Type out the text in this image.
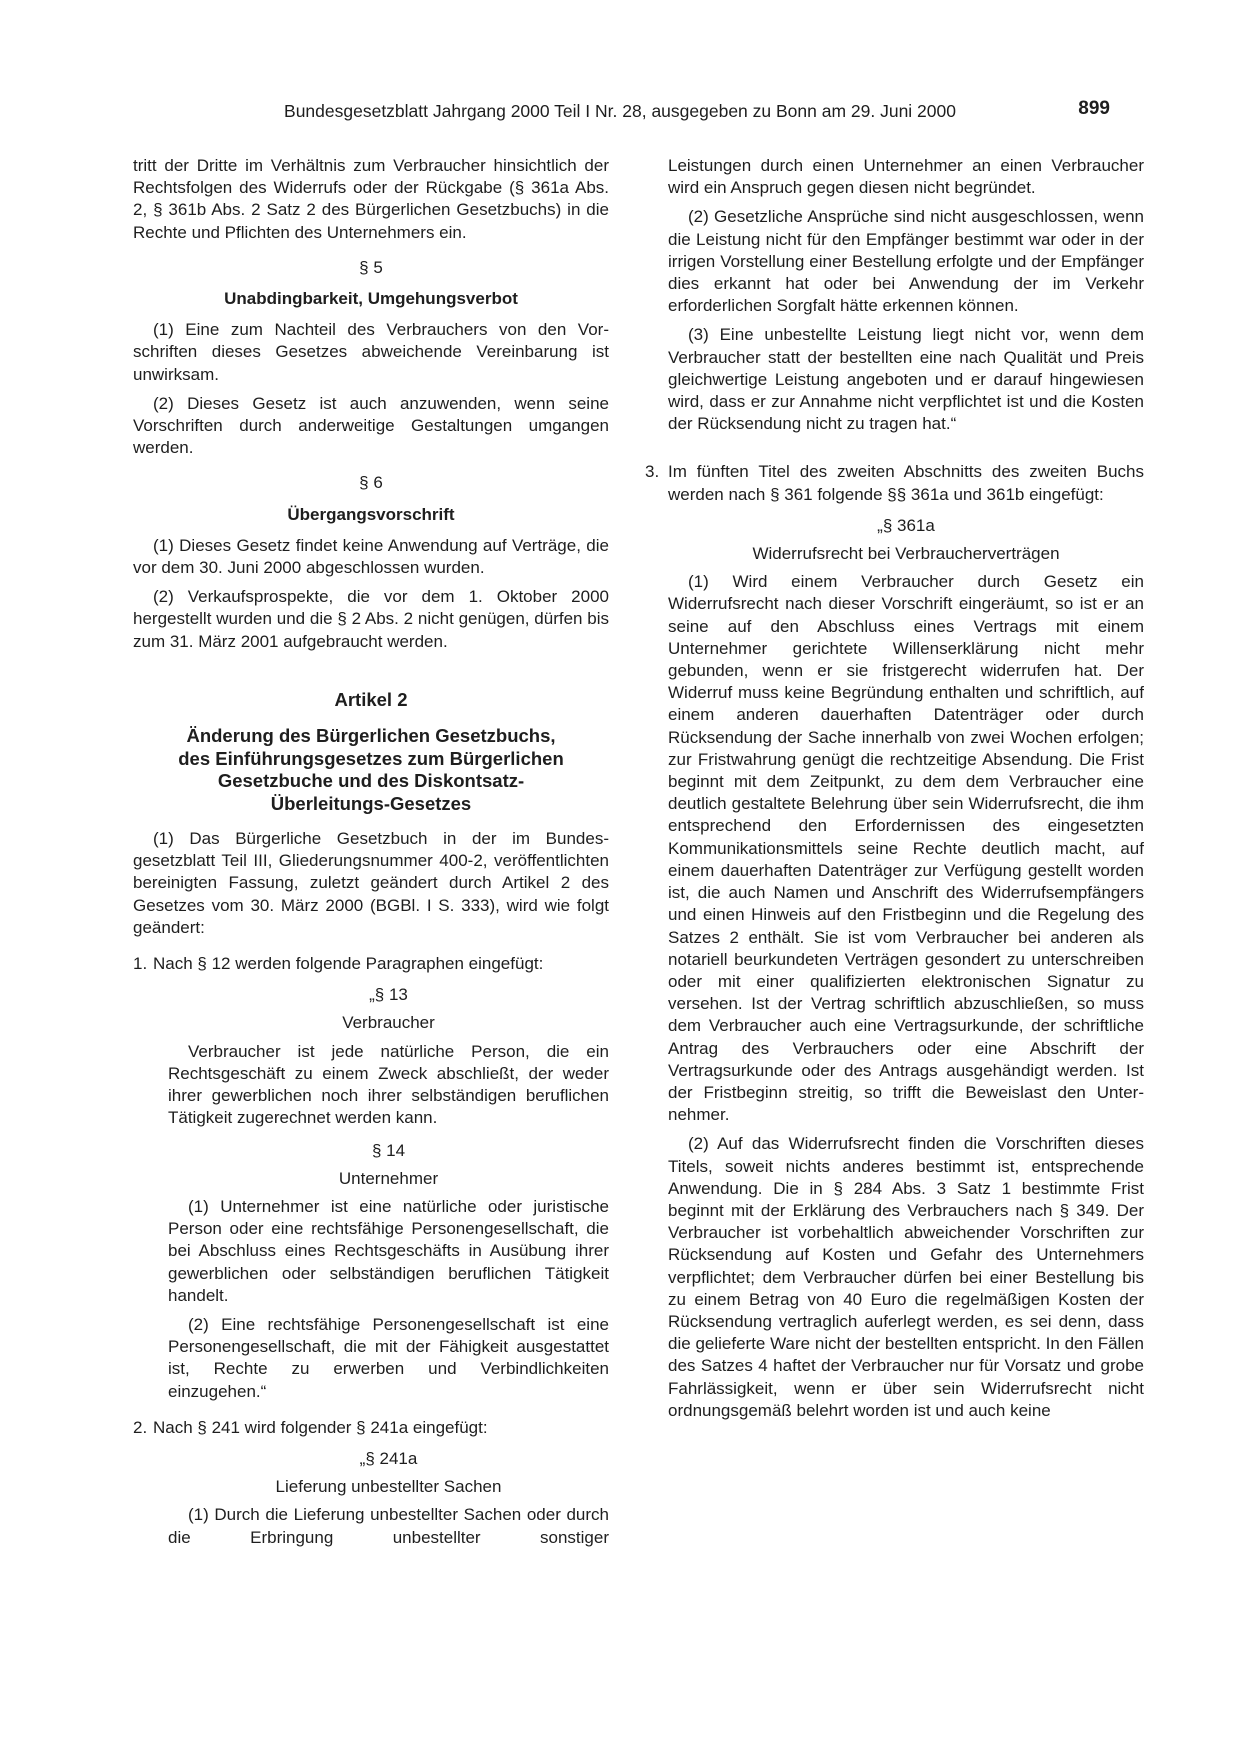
Bundesgesetzblatt Jahrgang 2000 Teil I Nr. 28, ausgegeben zu Bonn am 29. Juni 2000	899

tritt der Dritte im Verhältnis zum Verbraucher hinsichtlich der Rechtsfolgen des Widerrufs oder der Rückgabe (§ 361a Abs. 2, § 361b Abs. 2 Satz 2 des Bürgerlichen Gesetzbuchs) in die Rechte und Pflichten des Unternehmers ein.

§ 5

Unabdingbarkeit, Umgehungsverbot

(1) Eine zum Nachteil des Verbrauchers von den Vorschriften dieses Gesetzes abweichende Vereinbarung ist unwirksam.

(2) Dieses Gesetz ist auch anzuwenden, wenn seine Vorschriften durch anderweitige Gestaltungen umgangen werden.

§ 6

Übergangsvorschrift

(1) Dieses Gesetz findet keine Anwendung auf Verträge, die vor dem 30. Juni 2000 abgeschlossen wurden.

(2) Verkaufsprospekte, die vor dem 1. Oktober 2000 hergestellt wurden und die § 2 Abs. 2 nicht genügen, dürfen bis zum 31. März 2001 aufgebraucht werden.

Artikel 2

Änderung des Bürgerlichen Gesetzbuchs,
des Einführungsgesetzes zum Bürgerlichen
Gesetzbuche und des Diskontsatz-
Überleitungs-Gesetzes

(1) Das Bürgerliche Gesetzbuch in der im Bundesgesetzblatt Teil III, Gliederungsnummer 400-2, veröffentlichten bereinigten Fassung, zuletzt geändert durch Artikel 2 des Gesetzes vom 30. März 2000 (BGBl. I S. 333), wird wie folgt geändert:

1. Nach § 12 werden folgende Paragraphen eingefügt:

„§ 13

Verbraucher

Verbraucher ist jede natürliche Person, die ein Rechtsgeschäft zu einem Zweck abschließt, der weder ihrer gewerblichen noch ihrer selbständigen beruflichen Tätigkeit zugerechnet werden kann.

§ 14

Unternehmer

(1) Unternehmer ist eine natürliche oder juristische Person oder eine rechtsfähige Personengesellschaft, die bei Abschluss eines Rechtsgeschäfts in Ausübung ihrer gewerblichen oder selbständigen beruflichen Tätigkeit handelt.

(2) Eine rechtsfähige Personengesellschaft ist eine Personengesellschaft, die mit der Fähigkeit ausgestattet ist, Rechte zu erwerben und Verbindlichkeiten einzugehen.“

2. Nach § 241 wird folgender § 241a eingefügt:

„§ 241a

Lieferung unbestellter Sachen

(1) Durch die Lieferung unbestellter Sachen oder durch die Erbringung unbestellter sonstiger

Leistungen durch einen Unternehmer an einen Verbraucher wird ein Anspruch gegen diesen nicht begründet.

(2) Gesetzliche Ansprüche sind nicht ausgeschlossen, wenn die Leistung nicht für den Empfänger bestimmt war oder in der irrigen Vorstellung einer Bestellung erfolgte und der Empfänger dies erkannt hat oder bei Anwendung der im Verkehr erforderlichen Sorgfalt hätte erkennen können.

(3) Eine unbestellte Leistung liegt nicht vor, wenn dem Verbraucher statt der bestellten eine nach Qualität und Preis gleichwertige Leistung angeboten und er darauf hingewiesen wird, dass er zur Annahme nicht verpflichtet ist und die Kosten der Rücksendung nicht zu tragen hat.“

3. Im fünften Titel des zweiten Abschnitts des zweiten Buchs werden nach § 361 folgende §§ 361a und 361b eingefügt:

„§ 361a

Widerrufsrecht bei Verbraucherverträgen

(1) Wird einem Verbraucher durch Gesetz ein Widerrufsrecht nach dieser Vorschrift eingeräumt, so ist er an seine auf den Abschluss eines Vertrags mit einem Unternehmer gerichtete Willenserklärung nicht mehr gebunden, wenn er sie fristgerecht widerrufen hat. Der Widerruf muss keine Begründung enthalten und schriftlich, auf einem anderen dauerhaften Datenträger oder durch Rücksendung der Sache innerhalb von zwei Wochen erfolgen; zur Fristwahrung genügt die rechtzeitige Absendung. Die Frist beginnt mit dem Zeitpunkt, zu dem dem Verbraucher eine deutlich gestaltete Belehrung über sein Widerrufsrecht, die ihm entsprechend den Erfordernissen des eingesetzten Kommunikationsmittels seine Rechte deutlich macht, auf einem dauerhaften Datenträger zur Verfügung gestellt worden ist, die auch Namen und Anschrift des Widerrufsempfängers und einen Hinweis auf den Fristbeginn und die Regelung des Satzes 2 enthält. Sie ist vom Verbraucher bei anderen als notariell beurkundeten Verträgen gesondert zu unterschreiben oder mit einer qualifizierten elektronischen Signatur zu versehen. Ist der Vertrag schriftlich abzuschließen, so muss dem Verbraucher auch eine Vertragsurkunde, der schriftliche Antrag des Verbrauchers oder eine Abschrift der Vertragsurkunde oder des Antrags ausgehändigt werden. Ist der Fristbeginn streitig, so trifft die Beweislast den Unternehmer.

(2) Auf das Widerrufsrecht finden die Vorschriften dieses Titels, soweit nichts anderes bestimmt ist, entsprechende Anwendung. Die in § 284 Abs. 3 Satz 1 bestimmte Frist beginnt mit der Erklärung des Verbrauchers nach § 349. Der Verbraucher ist vorbehaltlich abweichender Vorschriften zur Rücksendung auf Kosten und Gefahr des Unternehmers verpflichtet; dem Verbraucher dürfen bei einer Bestellung bis zu einem Betrag von 40 Euro die regelmäßigen Kosten der Rücksendung vertraglich auferlegt werden, es sei denn, dass die gelieferte Ware nicht der bestellten entspricht. In den Fällen des Satzes 4 haftet der Verbraucher nur für Vorsatz und grobe Fahrlässigkeit, wenn er über sein Widerrufsrecht nicht ordnungsgemäß belehrt worden ist und auch keine
